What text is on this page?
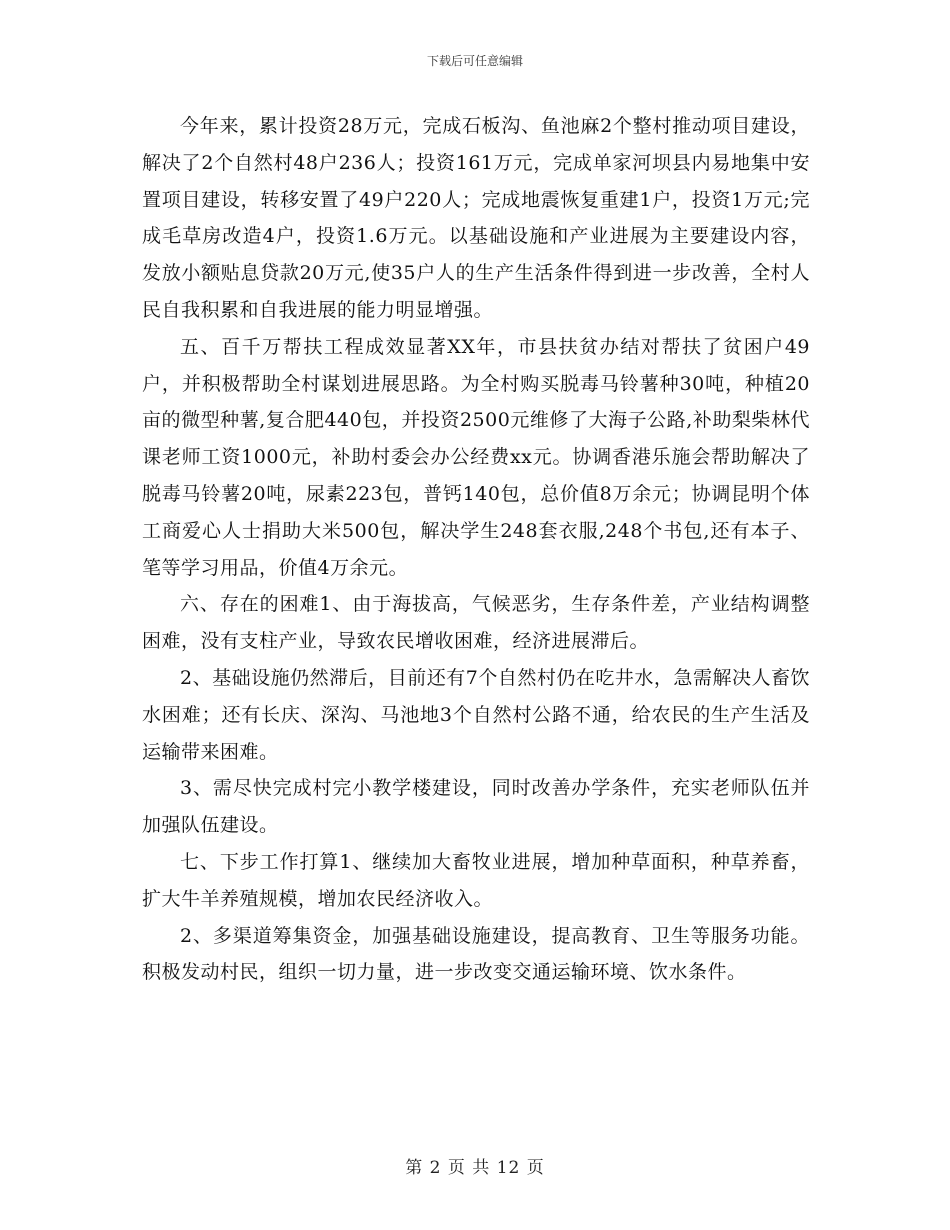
下载后可任意编辑

今年来，累计投资28万元，完成石板沟、鱼池麻2个整村推动项目建设，解决了2个自然村48户236人；投资161万元，完成单家河坝县内易地集中安置项目建设，转移安置了49户220人；完成地震恢复重建1户，投资1万元;完成毛草房改造4户，投资1.6万元。以基础设施和产业进展为主要建设内容，发放小额贴息贷款20万元,使35户人的生产生活条件得到进一步改善，全村人民自我积累和自我进展的能力明显增强。

五、百千万帮扶工程成效显著XX年，市县扶贫办结对帮扶了贫困户49户，并积极帮助全村谋划进展思路。为全村购买脱毒马铃薯种30吨，种植20亩的微型种薯,复合肥440包，并投资2500元维修了大海子公路,补助梨柴林代课老师工资1000元，补助村委会办公经费xx元。协调香港乐施会帮助解决了脱毒马铃薯20吨，尿素223包，普钙140包，总价值8万余元；协调昆明个体工商爱心人士捐助大米500包，解决学生248套衣服,248个书包,还有本子、笔等学习用品，价值4万余元。

六、存在的困难1、由于海拔高，气候恶劣，生存条件差，产业结构调整困难，没有支柱产业，导致农民增收困难，经济进展滞后。

2、基础设施仍然滞后，目前还有7个自然村仍在吃井水，急需解决人畜饮水困难；还有长庆、深沟、马池地3个自然村公路不通，给农民的生产生活及运输带来困难。

3、需尽快完成村完小教学楼建设，同时改善办学条件，充实老师队伍并加强队伍建设。

七、下步工作打算1、继续加大畜牧业进展，增加种草面积，种草养畜，扩大牛羊养殖规模，增加农民经济收入。

2、多渠道筹集资金，加强基础设施建设，提高教育、卫生等服务功能。积极发动村民，组织一切力量，进一步改变交通运输环境、饮水条件。

第 2 页 共 12 页
